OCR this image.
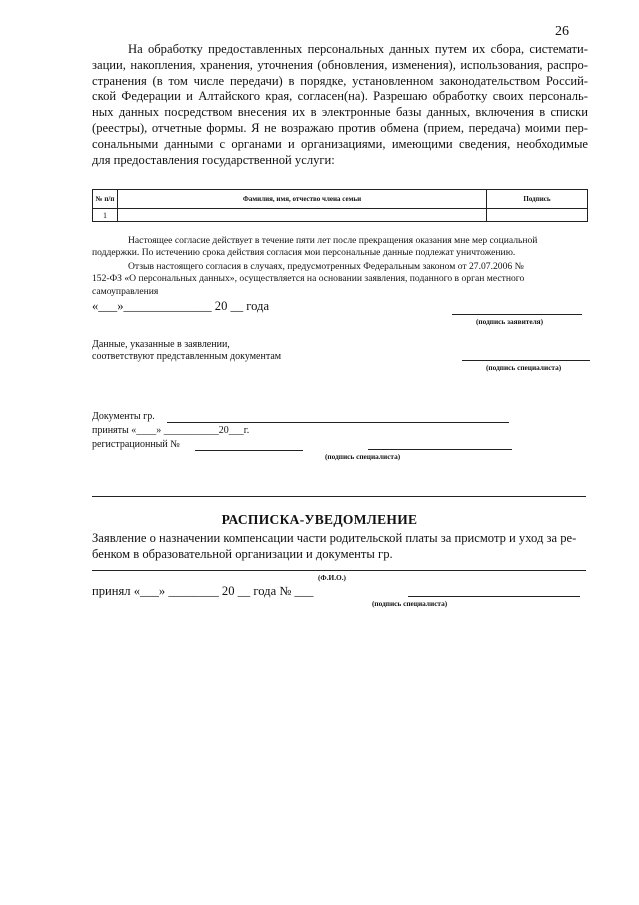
26
На обработку предоставленных персональных данных путем их сбора, системати-
зации, накопления, хранения, уточнения (обновления, изменения), использования, распро-
странения (в том числе передачи) в порядке, установленном законодательством Россий-
ской Федерации и Алтайского края, согласен(на). Разрешаю обработку своих персональ-
ных данных посредством внесения их в электронные базы данных, включения в списки
(реестры), отчетные формы. Я не возражаю против обмена (прием, передача) моими пер-
сональными данными с органами и организациями, имеющими сведения, необходимые
для предоставления государственной услуги:
№ п/п	Фамилия, имя, отчество члена семьи	Подпись
1		
Настоящее согласие действует в течение пяти лет после прекращения оказания мне мер социальной
поддержки. По истечению срока действия согласия мои персональные данные подлежат уничтожению.
Отзыв настоящего согласия в случаях, предусмотренных Федеральным законом от 27.07.2006 №
152-ФЗ «О персональных данных», осуществляется на основании заявления, поданного в орган местного
самоуправления
«___»______________ 20 __ года
(подпись заявителя)
Данные, указанные в заявлении,
соответствуют представленным документам
(подпись специалиста)
Документы гр.
приняты «____» ___________20___г.
регистрационный №
(подпись специалиста)
РАСПИСКА-УВЕДОМЛЕНИЕ
Заявление о назначении компенсации части родительской платы за присмотр и уход за ре-
бенком в образовательной организации и документы гр.
(Ф.И.О.)
принял «___» ________ 20 __ года № ___
(подпись специалиста)
